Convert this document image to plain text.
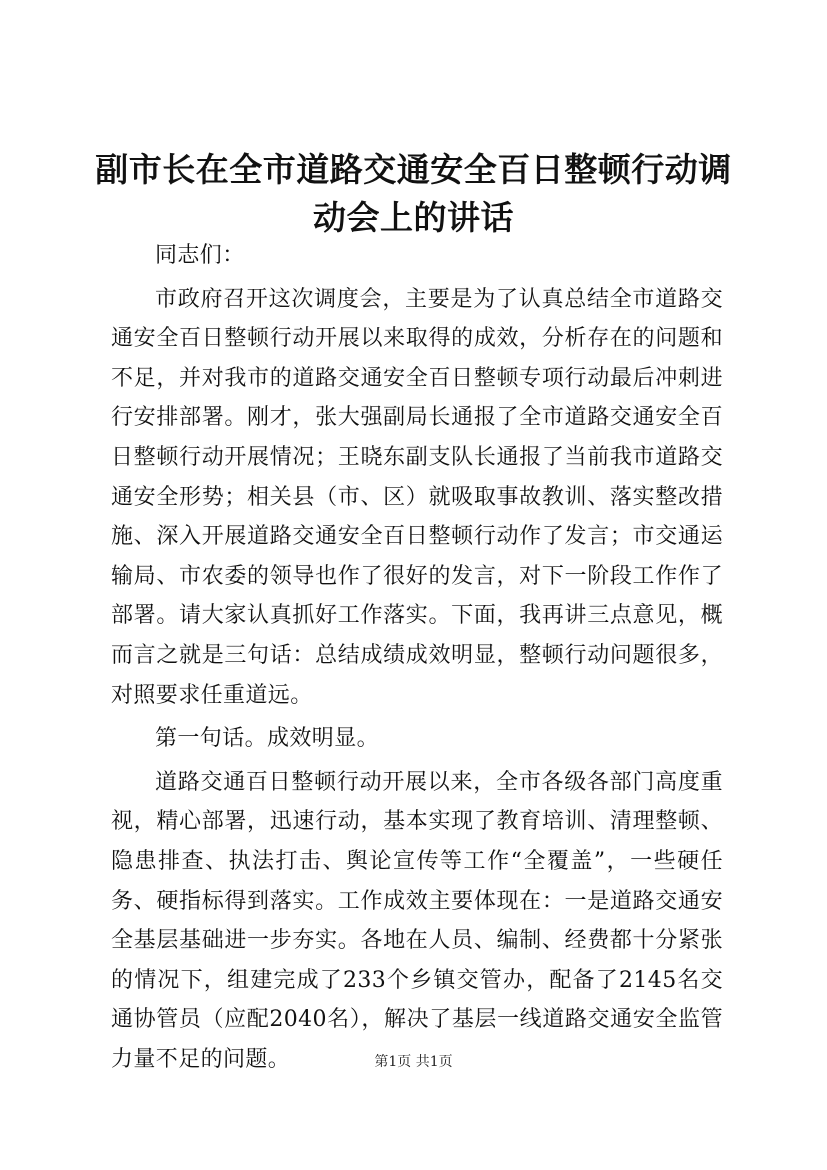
副市长在全市道路交通安全百日整顿行动调动会上的讲话

同志们：

市政府召开这次调度会，主要是为了认真总结全市道路交通安全百日整顿行动开展以来取得的成效，分析存在的问题和不足，并对我市的道路交通安全百日整顿专项行动最后冲刺进行安排部署。刚才，张大强副局长通报了全市道路交通安全百日整顿行动开展情况；王晓东副支队长通报了当前我市道路交通安全形势；相关县（市、区）就吸取事故教训、落实整改措施、深入开展道路交通安全百日整顿行动作了发言；市交通运输局、市农委的领导也作了很好的发言，对下一阶段工作作了部署。请大家认真抓好工作落实。下面，我再讲三点意见，概而言之就是三句话：总结成绩成效明显，整顿行动问题很多，对照要求任重道远。

第一句话。成效明显。

道路交通百日整顿行动开展以来，全市各级各部门高度重视，精心部署，迅速行动，基本实现了教育培训、清理整顿、隐患排查、执法打击、舆论宣传等工作“全覆盖”，一些硬任务、硬指标得到落实。工作成效主要体现在：一是道路交通安全基层基础进一步夯实。各地在人员、编制、经费都十分紧张的情况下，组建完成了233个乡镇交管办，配备了2145名交通协管员（应配2040名），解决了基层一线道路交通安全监管力量不足的问题。	第1页 共1页
